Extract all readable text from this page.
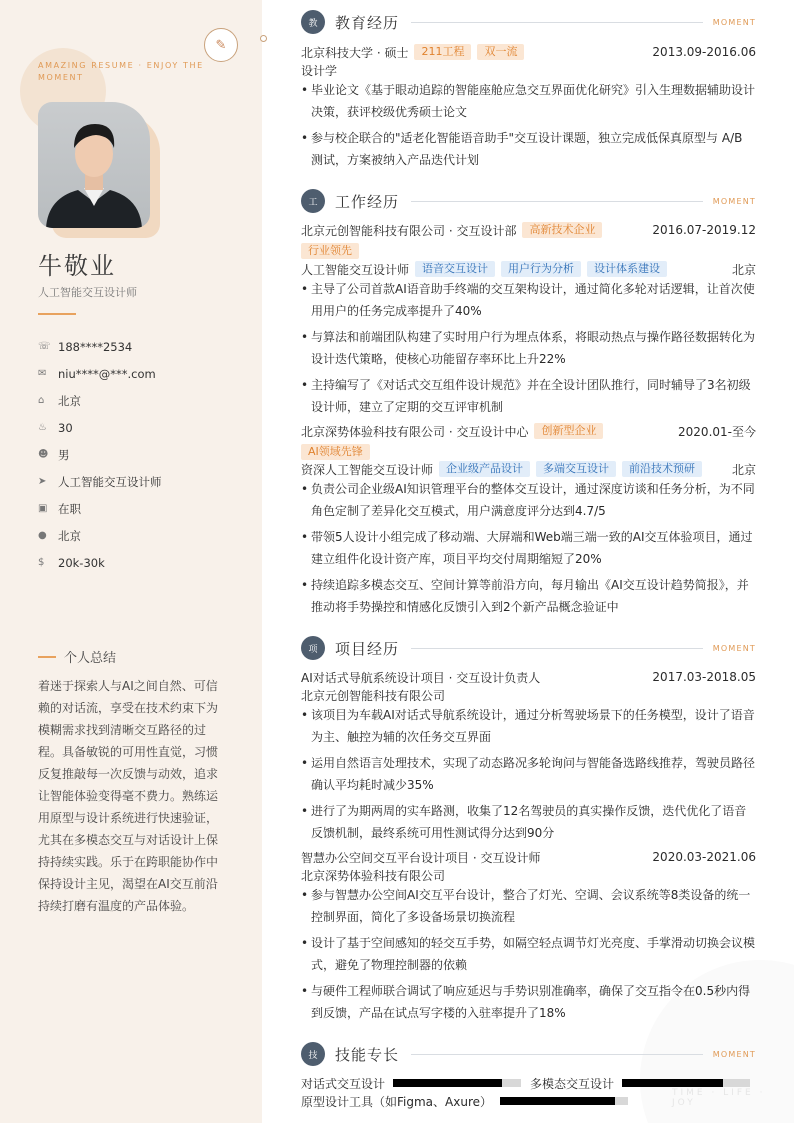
AMAZING RESUME · ENJOY THE MOMENT
牛敬业
人工智能交互设计师
☏ 188****2534
✉	niu****@***.com
⌂	北京
♨ 30
☻ 男
➤	人工智能交互设计师
▣ 在职
● 北京
$	20k-30k
个人总结
着迷于探索人与AI之间自然、可信赖的对话流，享受在技术约束下为模糊需求找到清晰交互路径的过程。具备敏锐的可用性直觉，习惯反复推敲每一次反馈与动效，追求让智能体验变得毫不费力。熟练运用原型与设计系统进行快速验证，尤其在多模态交互与对话设计上保持持续实践。乐于在跨职能协作中保持设计主见，渴望在AI交互前沿持续打磨有温度的产品体验。
✎
TIME · LIFE · JOY
教	教育经历	MOMENT
北京科技大学 · 硕士	211工程	双一流	2013.09-2016.06
设计学
• 毕业论文《基于眼动追踪的智能座舱应急交互界面优化研究》引入生理数据辅助设计决策，获评校级优秀硕士论文
• 参与校企联合的"适老化智能语音助手"交互设计课题，独立完成低保真原型与 A/B 测试，方案被纳入产品迭代计划
工	工作经历	MOMENT
北京元创智能科技有限公司 · 交互设计部	高新技术企业	2016.07-2019.12
行业领先
人工智能交互设计师	语音交互设计	用户行为分析	设计体系建设	北京
• 主导了公司首款AI语音助手终端的交互架构设计，通过简化多轮对话逻辑，让首次使用用户的任务完成率提升了40%
• 与算法和前端团队构建了实时用户行为埋点体系，将眼动热点与操作路径数据转化为设计迭代策略，使核心功能留存率环比上升22%
• 主持编写了《对话式交互组件设计规范》并在全设计团队推行，同时辅导了3名初级设计师，建立了定期的交互评审机制
北京深势体验科技有限公司 · 交互设计中心	创新型企业	2020.01-至今
AI领域先锋
资深人工智能交互设计师	企业级产品设计	多端交互设计	前沿技术预研	北京
• 负责公司企业级AI知识管理平台的整体交互设计，通过深度访谈和任务分析，为不同角色定制了差异化交互模式，用户满意度评分达到4.7/5
• 带领5人设计小组完成了移动端、大屏端和Web端三端一致的AI交互体验项目，通过建立组件化设计资产库，项目平均交付周期缩短了20%
• 持续追踪多模态交互、空间计算等前沿方向，每月输出《AI交互设计趋势简报》，并推动将手势操控和情感化反馈引入到2个新产品概念验证中
项	项目经历	MOMENT
AI对话式导航系统设计项目 · 交互设计负责人	2017.03-2018.05
北京元创智能科技有限公司
• 该项目为车载AI对话式导航系统设计，通过分析驾驶场景下的任务模型，设计了语音为主、触控为辅的次任务交互界面
• 运用自然语言处理技术，实现了动态路况多轮询问与智能备选路线推荐，驾驶员路径确认平均耗时减少35%
• 进行了为期两周的实车路测，收集了12名驾驶员的真实操作反馈，迭代优化了语音反馈机制，最终系统可用性测试得分达到90分
智慧办公空间交互平台设计项目 · 交互设计师	2020.03-2021.06
北京深势体验科技有限公司
• 参与智慧办公空间AI交互平台设计，整合了灯光、空调、会议系统等8类设备的统一控制界面，简化了多设备场景切换流程
• 设计了基于空间感知的轻交互手势，如隔空轻点调节灯光亮度、手掌滑动切换会议模式，避免了物理控制器的依赖
• 与硬件工程师联合调试了响应延迟与手势识别准确率，确保了交互指令在0.5秒内得到反馈，产品在试点写字楼的入驻率提升了18%
技	技能专长	MOMENT
对话式交互设计	多模态交互设计
原型设计工具（如Figma、Axure）
